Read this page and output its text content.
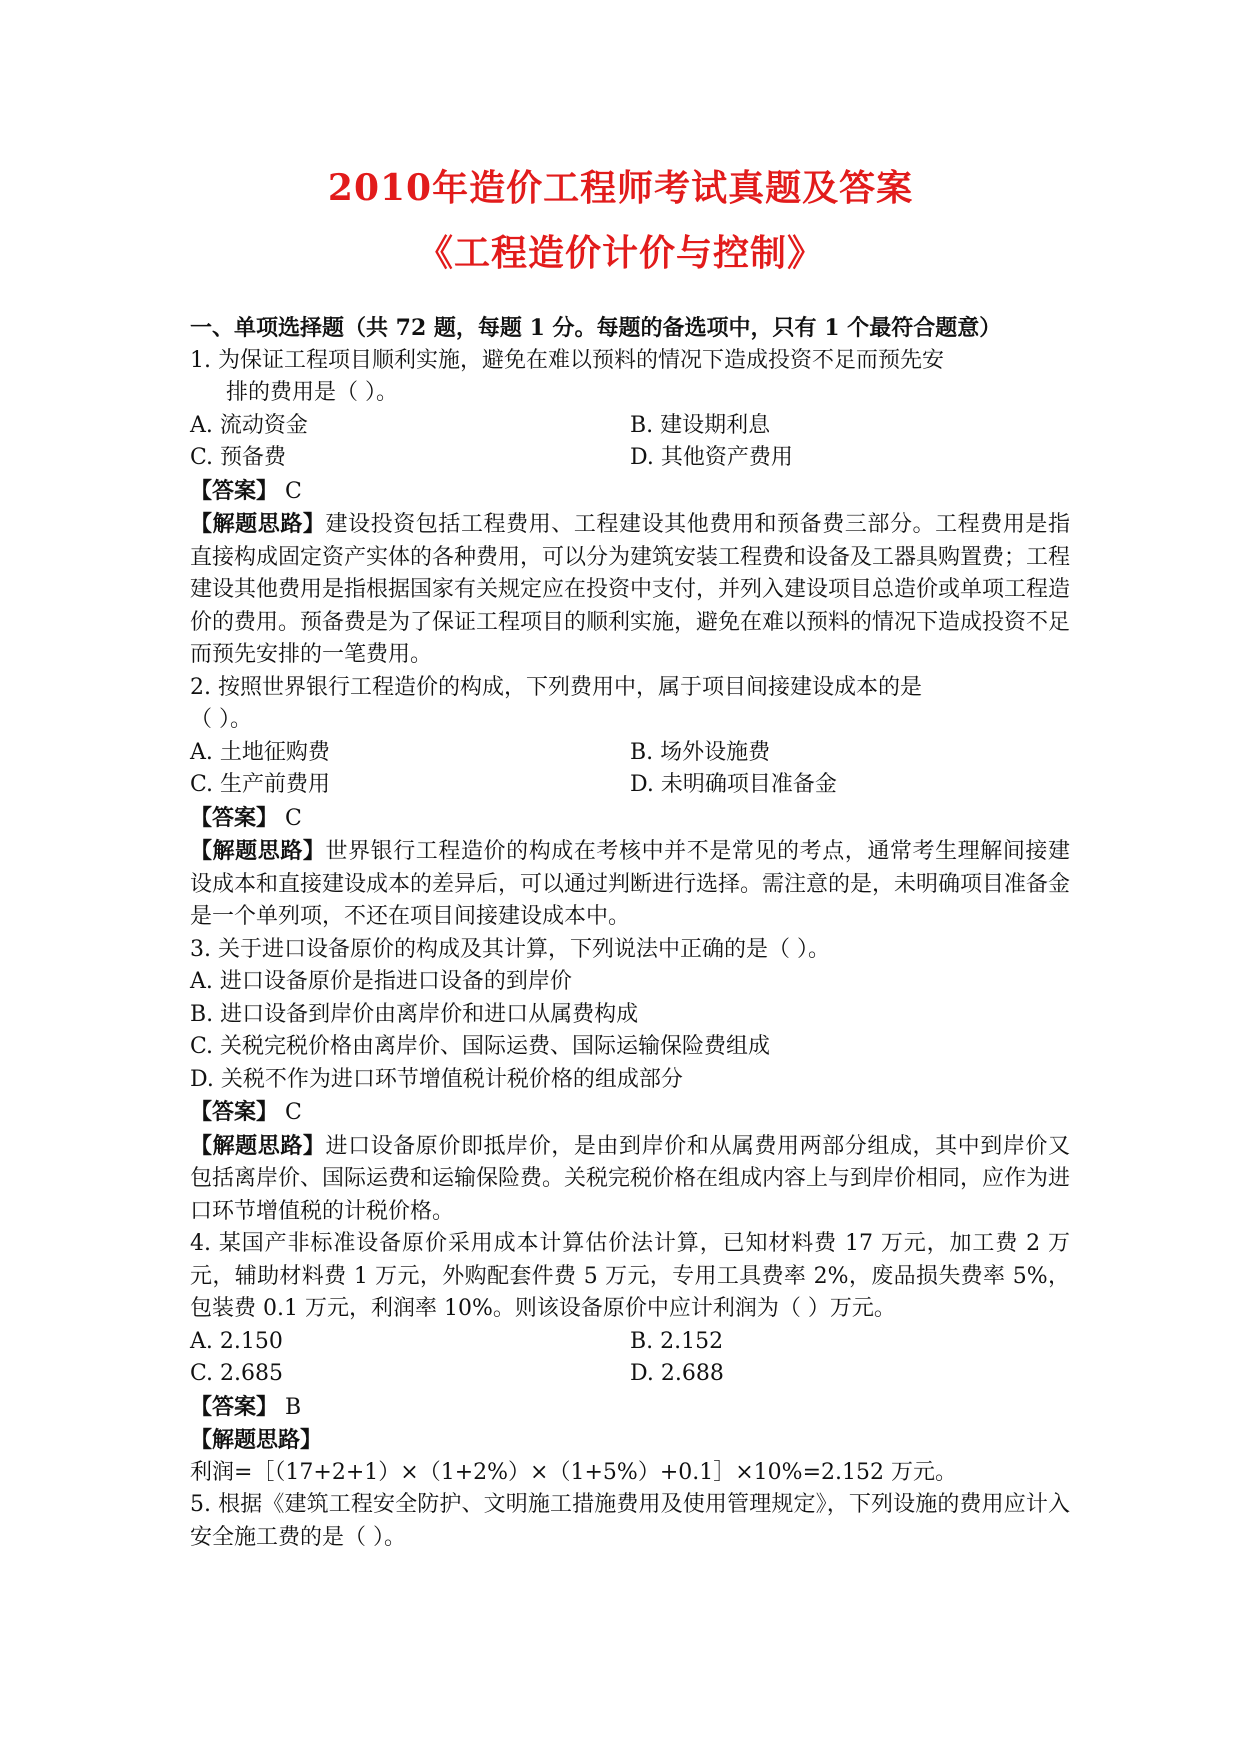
2010年造价工程师考试真题及答案
《工程造价计价与控制》
一、单项选择题（共 72 题，每题 1 分。每题的备选项中，只有 1 个最符合题意）
1. 为保证工程项目顺利实施，避免在难以预料的情况下造成投资不足而预先安
排的费用是（ ）。
A. 流动资金	B. 建设期利息
C. 预备费	D. 其他资产费用
【答案】 C
【解题思路】建设投资包括工程费用、工程建设其他费用和预备费三部分。工程费用是指直接构成固定资产实体的各种费用，可以分为建筑安装工程费和设备及工器具购置费；工程建设其他费用是指根据国家有关规定应在投资中支付，并列入建设项目总造价或单项工程造价的费用。预备费是为了保证工程项目的顺利实施，避免在难以预料的情况下造成投资不足而预先安排的一笔费用。
2. 按照世界银行工程造价的构成，下列费用中，属于项目间接建设成本的是
（ ）。
A. 土地征购费	B. 场外设施费
C. 生产前费用	D. 未明确项目准备金
【答案】 C
【解题思路】世界银行工程造价的构成在考核中并不是常见的考点，通常考生理解间接建设成本和直接建设成本的差异后，可以通过判断进行选择。需注意的是，未明确项目准备金是一个单列项，不还在项目间接建设成本中。
3. 关于进口设备原价的构成及其计算，下列说法中正确的是（ ）。
A. 进口设备原价是指进口设备的到岸价
B. 进口设备到岸价由离岸价和进口从属费构成
C. 关税完税价格由离岸价、国际运费、国际运输保险费组成
D. 关税不作为进口环节增值税计税价格的组成部分
【答案】 C
【解题思路】进口设备原价即抵岸价，是由到岸价和从属费用两部分组成，其中到岸价又包括离岸价、国际运费和运输保险费。关税完税价格在组成内容上与到岸价相同，应作为进口环节增值税的计税价格。
4. 某国产非标准设备原价采用成本计算估价法计算，已知材料费 17 万元，加工费 2 万元，辅助材料费 1 万元，外购配套件费 5 万元，专用工具费率 2%，废品损失费率 5%，包装费 0.1 万元，利润率 10%。则该设备原价中应计利润为（ ）万元。
A. 2.150	B. 2.152
C. 2.685	D. 2.688
【答案】 B
【解题思路】
利润=［（17+2+1）×（1+2%）×（1+5%）+0.1］×10%=2.152 万元。
5. 根据《建筑工程安全防护、文明施工措施费用及使用管理规定》，下列设施的费用应计入安全施工费的是（ ）。
